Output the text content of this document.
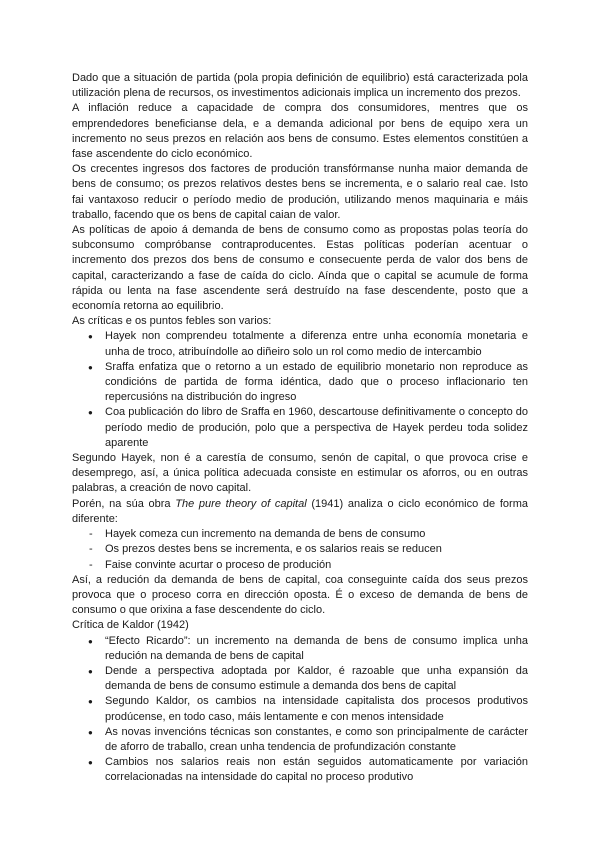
Dado que a situación de partida (pola propia definición de equilibrio) está caracterizada pola utilización plena de recursos, os investimentos adicionais implica un incremento dos prezos.

A inflación reduce a capacidade de compra dos consumidores, mentres que os emprendedores beneficianse dela, e a demanda adicional por bens de equipo xera un incremento no seus prezos en relación aos bens de consumo. Estes elementos constitúen a fase ascendente do ciclo económico.

Os crecentes ingresos dos factores de produción transfórmanse nunha maior demanda de bens de consumo; os prezos relativos destes bens se incrementa, e o salario real cae. Isto fai vantaxoso reducir o período medio de produción, utilizando menos maquinaria e máis traballo, facendo que os bens de capital caian de valor.

As políticas de apoio á demanda de bens de consumo como as propostas polas teoría do subconsumo compróbanse contraproducentes. Estas políticas poderían acentuar o incremento dos prezos dos bens de consumo e consecuente perda de valor dos bens de capital, caracterizando a fase de caída do ciclo. Aínda que o capital se acumule de forma rápida ou lenta na fase ascendente será destruído na fase descendente, posto que a economía retorna ao equilibrio.

As críticas e os puntos febles son varios:

● Hayek non comprendeu totalmente a diferenza entre unha economía monetaria e unha de troco, atribuíndolle ao diñeiro solo un rol como medio de intercambio
● Sraffa enfatiza que o retorno a un estado de equilibrio monetario non reproduce as condicións de partida de forma idéntica, dado que o proceso inflacionario ten repercusións na distribución do ingreso
● Coa publicación do libro de Sraffa en 1960, descartouse definitivamente o concepto do período medio de produción, polo que a perspectiva de Hayek perdeu toda solidez aparente

Segundo Hayek, non é a carestía de consumo, senón de capital, o que provoca crise e desemprego, así, a única política adecuada consiste en estimular os aforros, ou en outras palabras, a creación de novo capital.

Porén, na súa obra The pure theory of capital (1941) analiza o ciclo económico de forma diferente:

- Hayek comeza cun incremento na demanda de bens de consumo
- Os prezos destes bens se incrementa, e os salarios reais se reducen
- Faise convinte acurtar o proceso de produción

Así, a redución da demanda de bens de capital, coa conseguinte caída dos seus prezos provoca que o proceso corra en dirección oposta. É o exceso de demanda de bens de consumo o que orixina a fase descendente do ciclo.

Crítica de Kaldor (1942)

● “Efecto Ricardo”: un incremento na demanda de bens de consumo implica unha redución na demanda de bens de capital
● Dende a perspectiva adoptada por Kaldor, é razoable que unha expansión da demanda de bens de consumo estimule a demanda dos bens de capital
● Segundo Kaldor, os cambios na intensidade capitalista dos procesos produtivos prodúcense, en todo caso, máis lentamente e con menos intensidade
● As novas invencións técnicas son constantes, e como son principalmente de carácter de aforro de traballo, crean unha tendencia de profundización constante
● Cambios nos salarios reais non están seguidos automaticamente por variación correlacionadas na intensidade do capital no proceso produtivo
